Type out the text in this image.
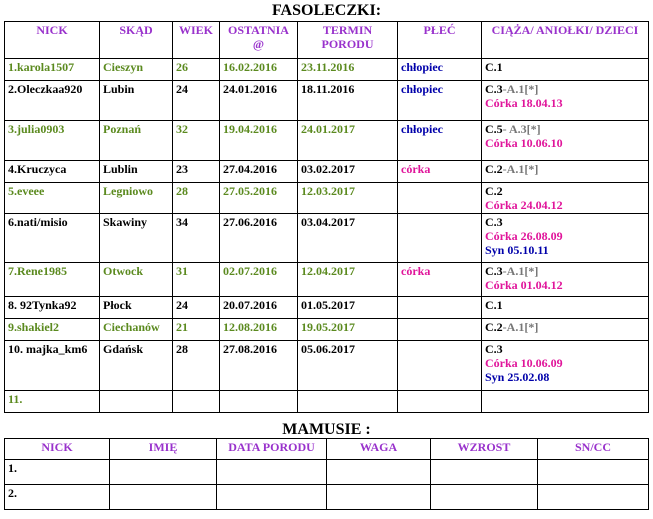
FASOLECZKI:
NICK	SKĄD	WIEK	OSTATNIA @	TERMIN PORODU	PŁEĆ	CIĄŻA/ ANIOŁKI/ DZIECI
1.karola1507	Cieszyn	26	16.02.2016	23.11.2016	chłopiec	C.1

2.Oleczkaa920	Lubin	24	24.01.2016	18.11.2016	chłopiec	C.3-A.1[*]
Córka 18.04.13

3.julia0903	Poznań	32	19.04.2016	24.01.2017	chłopiec	C.5- A.3[*]
Córka 10.06.10

4.Kruczyca	Lublin	23	27.04.2016	03.02.2017	córka	C.2-A.1[*]

5.eveee	Legniowo	28	27.05.2016	12.03.2017		C.2
Córka 24.04.12

6.nati/misio	Skawiny	34	27.06.2016	03.04.2017		C.3
Córka 26.08.09
Syn 05.10.11

7.Rene1985	Otwock	31	02.07.2016	12.04.2017	córka	C.3-A.1[*]
Córka 01.04.12

8. 92Tynka92	Płock	24	20.07.2016	01.05.2017		C.1

9.shakiel2	Ciechanów	21	12.08.2016	19.05.2017		C.2-A.1[*]

10. majka_km6	Gdańsk	28	27.08.2016	05.06.2017		C.3
Córka 10.06.09
Syn 25.02.08

11.						
MAMUSIE :
NICK	IMIĘ	DATA PORODU	WAGA	WZROST	SN/CC
1.					
2.					
